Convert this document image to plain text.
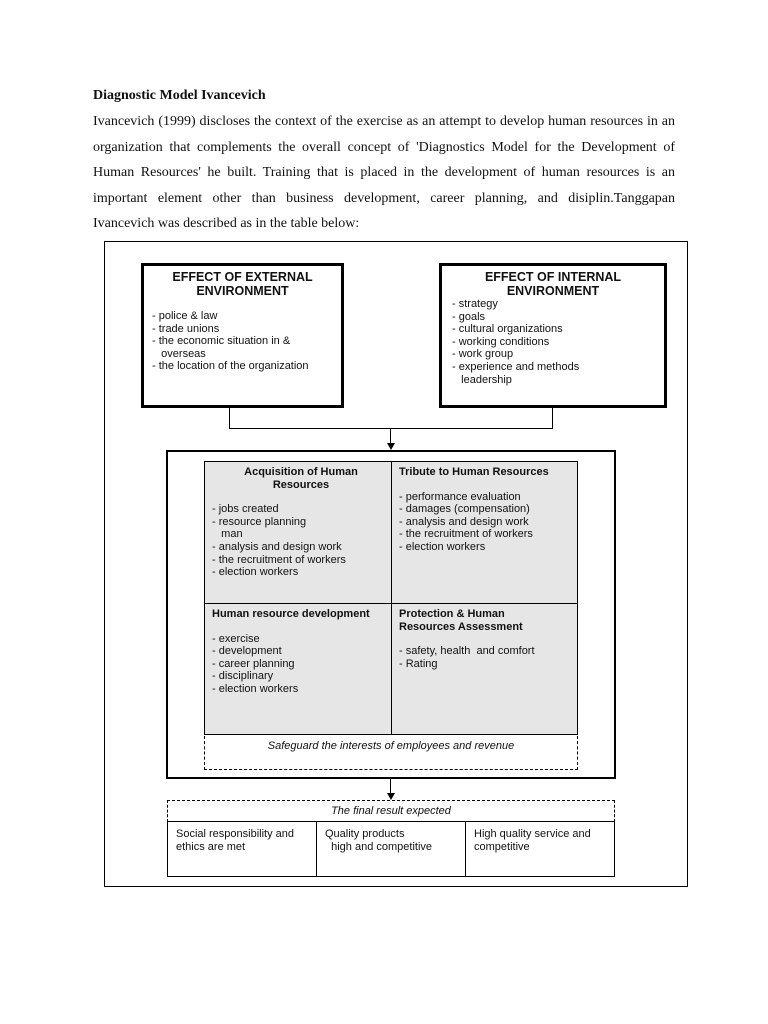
Diagnostic Model Ivancevich
Ivancevich (1999) discloses the context of the exercise as an attempt to develop human resources in an organization that complements the overall concept of 'Diagnostics Model for the Development of Human Resources' he built. Training that is placed in the development of human resources is an important element other than business development, career planning, and disiplin.Tanggapan Ivancevich was described as in the table below:
EFFECT OF EXTERNAL
ENVIRONMENT
- police & law
- trade unions
- the economic situation in &
overseas
- the location of the organization
EFFECT OF INTERNAL
ENVIRONMENT
- strategy
- goals
- cultural organizations
- working conditions
- work group
- experience and methods
leadership
Acquisition of Human
Resources
- jobs created
- resource planning
man
- analysis and design work
- the recruitment of workers
- election workers
Tribute to Human Resources
- performance evaluation
- damages (compensation)
- analysis and design work
- the recruitment of workers
- election workers
Human resource development
- exercise
- development
- career planning
- disciplinary
- election workers
Protection & Human
Resources Assessment
- safety, health  and comfort
- Rating
Safeguard the interests of employees and revenue
The final result expected
Social responsibility and
ethics are met
Quality products
high and competitive
High quality service and
competitive
